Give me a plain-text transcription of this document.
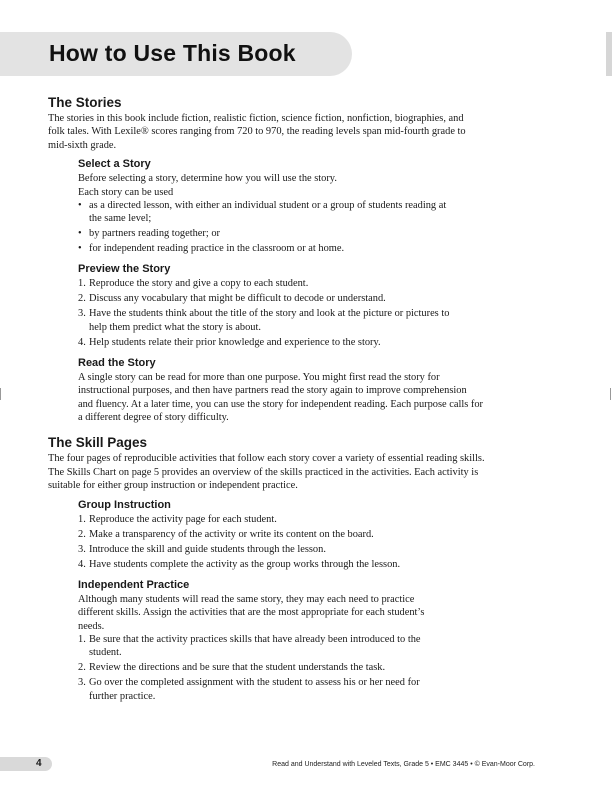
How to Use This Book
The Stories

The stories in this book include fiction, realistic fiction, science fiction, nonfiction, biographies, and folk tales. With Lexile® scores ranging from 720 to 970, the reading levels span mid-fourth grade to mid-sixth grade.

Select a Story

Before selecting a story, determine how you will use the story.

Each story can be used

• as a directed lesson, with either an individual student or a group of students reading at the same level;
• by partners reading together; or
• for independent reading practice in the classroom or at home.
Preview the Story
1. Reproduce the story and give a copy to each student.
2. Discuss any vocabulary that might be difficult to decode or understand.
3. Have the students think about the title of the story and look at the picture or pictures to help them predict what the story is about.
4. Help students relate their prior knowledge and experience to the story.
Read the Story

A single story can be read for more than one purpose. You might first read the story for instructional purposes, and then have partners read the story again to improve comprehension and fluency. At a later time, you can use the story for independent reading. Each purpose calls for a different degree of story difficulty.

The Skill Pages

The four pages of reproducible activities that follow each story cover a variety of essential reading skills. The Skills Chart on page 5 provides an overview of the skills practiced in the activities. Each activity is suitable for either group instruction or independent practice.

Group Instruction
1. Reproduce the activity page for each student.
2. Make a transparency of the activity or write its content on the board.
3. Introduce the skill and guide students through the lesson.
4. Have students complete the activity as the group works through the lesson.
Independent Practice

Although many students will read the same story, they may each need to practice different skills. Assign the activities that are the most appropriate for each student’s needs.

1. Be sure that the activity practices skills that have already been introduced to the student.
2. Review the directions and be sure that the student understands the task.
3. Go over the completed assignment with the student to assess his or her need for further practice.
4	Read and Understand with Leveled Texts, Grade 5 • EMC 3445 • © Evan-Moor Corp.
